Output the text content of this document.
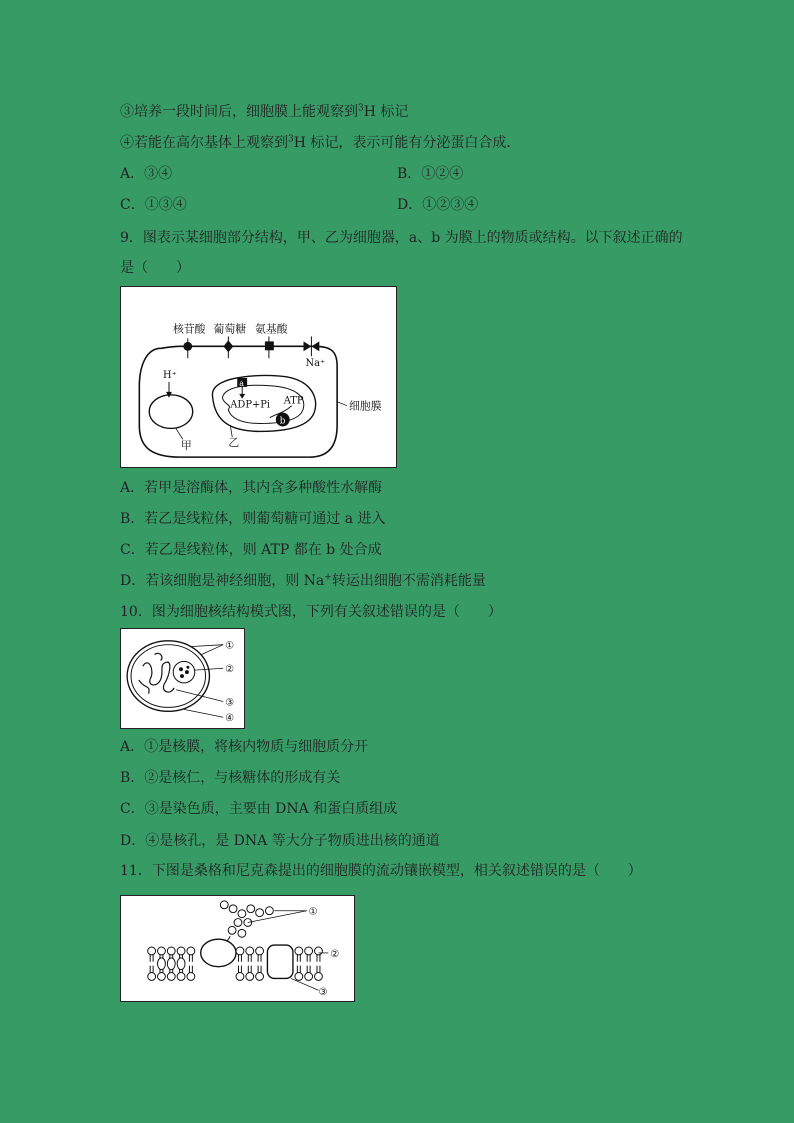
③培养一段时间后，细胞膜上能观察到$^3$H 标记
④若能在高尔基体上观察到$^3$H 标记，表示可能有分泌蛋白合成．
A．③④	B．①②④
C．①③④	D．①②③④
9．图表示某细胞部分结构，甲、乙为细胞器，a、b 为膜上的物质或结构。以下叙述正确的
是（　　）
核苷酸 葡萄糖 氨基酸
Na⁺
H⁺
甲
a
ADP+Pi ATP
b
乙
细胞膜
A．若甲是溶酶体，其内含多种酸性水解酶
B．若乙是线粒体，则葡萄糖可通过 a 进入
C．若乙是线粒体，则 ATP 都在 b 处合成
D．若该细胞是神经细胞，则 Na+转运出细胞不需消耗能量
10．图为细胞核结构模式图，下列有关叙述错误的是（　　）
①
②
③
④
A．①是核膜，将核内物质与细胞质分开
B．②是核仁，与核糖体的形成有关
C．③是染色质，主要由 DNA 和蛋白质组成
D．④是核孔，是 DNA 等大分子物质进出核的通道
11．下图是桑格和尼克森提出的细胞膜的流动镶嵌模型，相关叙述错误的是（　　）
①
②
③
